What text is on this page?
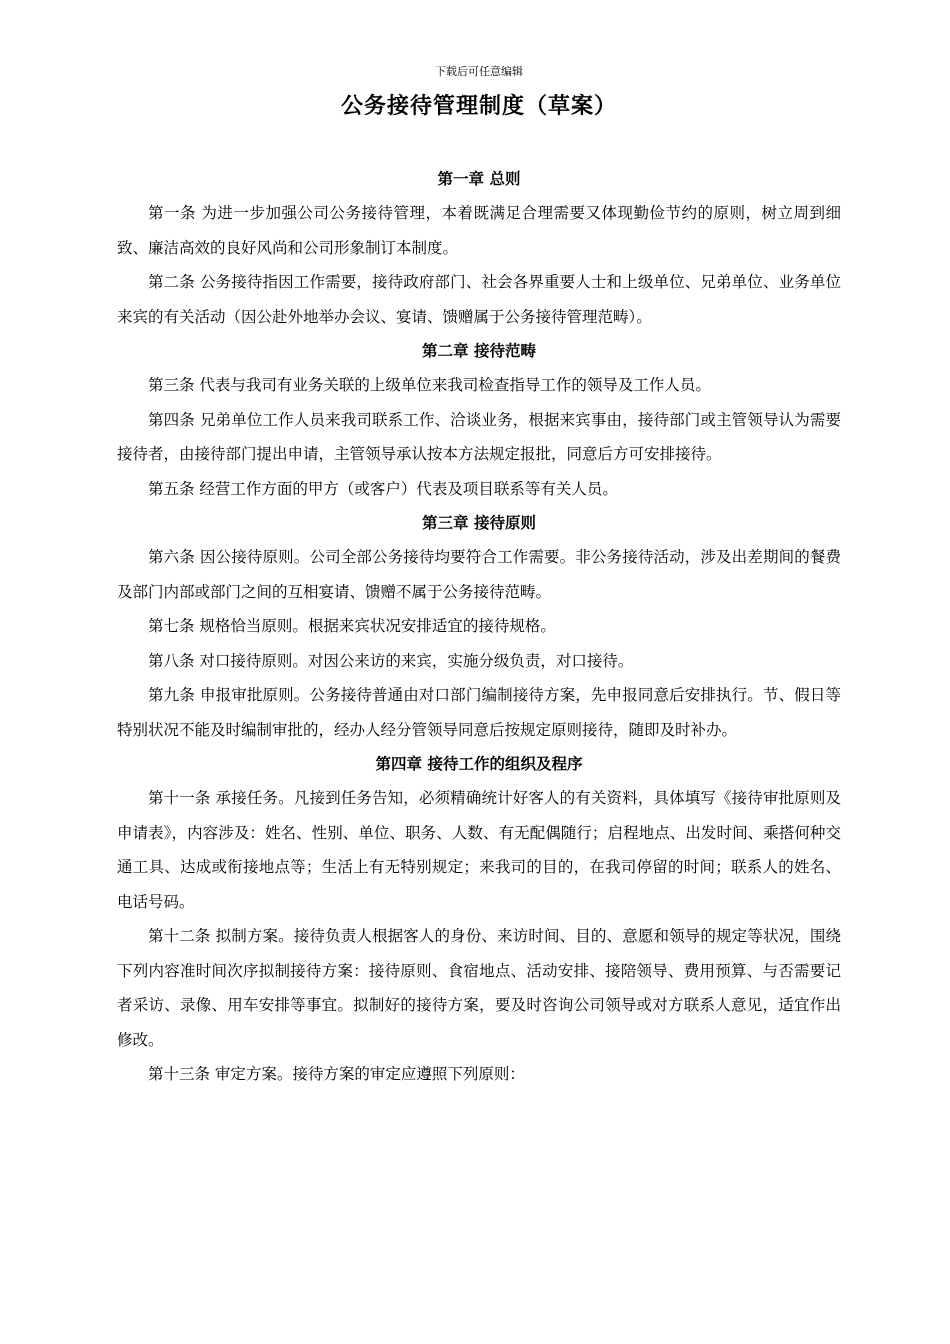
下载后可任意编辑
公务接待管理制度（草案）
第一章 总则

第一条 为进一步加强公司公务接待管理，本着既满足合理需要又体现勤俭节约的原则，树立周到细致、廉洁高效的良好风尚和公司形象制订本制度。

第二条 公务接待指因工作需要，接待政府部门、社会各界重要人士和上级单位、兄弟单位、业务单位来宾的有关活动（因公赴外地举办会议、宴请、馈赠属于公务接待管理范畴）。

第二章 接待范畴

第三条 代表与我司有业务关联的上级单位来我司检查指导工作的领导及工作人员。

第四条 兄弟单位工作人员来我司联系工作、洽谈业务，根据来宾事由，接待部门或主管领导认为需要接待者，由接待部门提出申请，主管领导承认按本方法规定报批，同意后方可安排接待。

第五条 经营工作方面的甲方（或客户）代表及项目联系等有关人员。

第三章 接待原则

第六条 因公接待原则。公司全部公务接待均要符合工作需要。非公务接待活动，涉及出差期间的餐费及部门内部或部门之间的互相宴请、馈赠不属于公务接待范畴。

第七条 规格恰当原则。根据来宾状况安排适宜的接待规格。

第八条 对口接待原则。对因公来访的来宾，实施分级负责，对口接待。

第九条 申报审批原则。公务接待普通由对口部门编制接待方案，先申报同意后安排执行。节、假日等特别状况不能及时编制审批的，经办人经分管领导同意后按规定原则接待，随即及时补办。

第四章 接待工作的组织及程序

第十一条 承接任务。凡接到任务告知，必须精确统计好客人的有关资料，具体填写《接待审批原则及申请表》，内容涉及：姓名、性别、单位、职务、人数、有无配偶随行；启程地点、出发时间、乘搭何种交通工具、达成或衔接地点等；生活上有无特别规定；来我司的目的，在我司停留的时间；联系人的姓名、电话号码。

第十二条 拟制方案。接待负责人根据客人的身份、来访时间、目的、意愿和领导的规定等状况，围绕下列内容准时间次序拟制接待方案：接待原则、食宿地点、活动安排、接陪领导、费用预算、与否需要记者采访、录像、用车安排等事宜。拟制好的接待方案，要及时咨询公司领导或对方联系人意见，适宜作出修改。

第十三条 审定方案。接待方案的审定应遵照下列原则：
